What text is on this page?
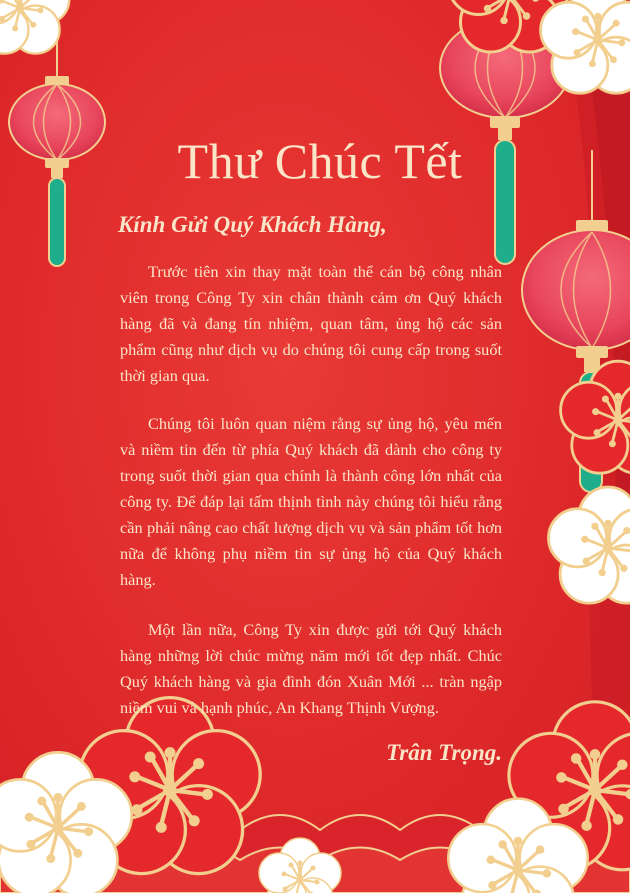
Thư Chúc Tết

Kính Gửi Quý Khách Hàng,

Trước tiên xin thay mặt toàn thể cán bộ công nhân viên trong Công Ty xin chân thành cảm ơn Quý khách hàng đã và đang tín nhiệm, quan tâm, ủng hộ các sản phẩm cũng như dịch vụ do chúng tôi cung cấp trong suốt thời gian qua.

Chúng tôi luôn quan niệm rằng sự ủng hộ, yêu mến và niềm tin đến từ phía Quý khách đã dành cho công ty trong suốt thời gian qua chính là thành công lớn nhất của công ty. Để đáp lại tấm thịnh tình này chúng tôi hiểu rằng cần phải nâng cao chất lượng dịch vụ và sản phẩm tốt hơn nữa để không phụ niềm tin sự ủng hộ của Quý khách hàng.

Một lần nữa, Công Ty xin được gửi tới Quý khách hàng những lời chúc mừng năm mới tốt đẹp nhất. Chúc Quý khách hàng và gia đình đón Xuân Mới ... tràn ngập niềm vui và hạnh phúc, An Khang Thịnh Vượng.

Trân Trọng.
